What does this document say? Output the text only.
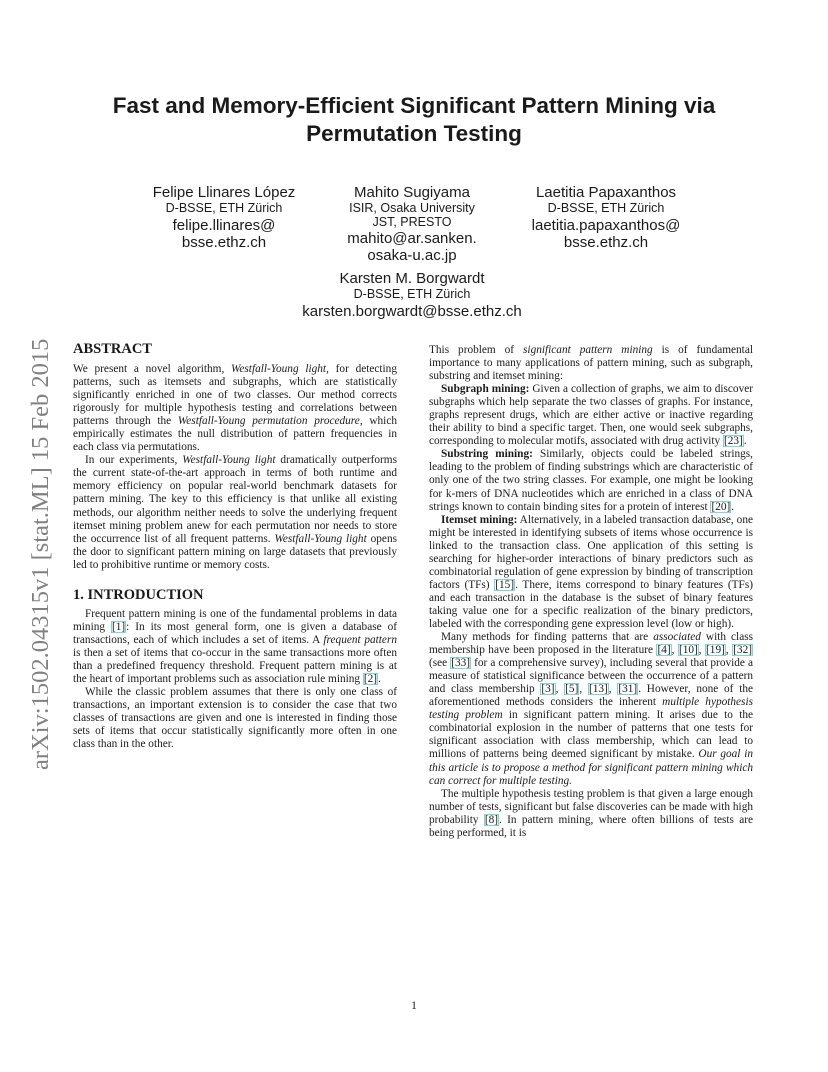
arXiv:1502.04315v1 [stat.ML] 15 Feb 2015
Fast and Memory-Efficient Significant Pattern Mining via
Permutation Testing
Felipe Llinares López
D-BSSE, ETH Zürich
felipe.llinares@
bsse.ethz.ch
Mahito Sugiyama
ISIR, Osaka University
JST, PRESTO
mahito@ar.sanken.
osaka-u.ac.jp
Laetitia Papaxanthos
D-BSSE, ETH Zürich
laetitia.papaxanthos@
bsse.ethz.ch
Karsten M. Borgwardt
D-BSSE, ETH Zürich
karsten.borgwardt@bsse.ethz.ch
ABSTRACT

We present a novel algorithm, Westfall-Young light, for detecting patterns, such as itemsets and subgraphs, which are statistically significantly enriched in one of two classes. Our method corrects rigorously for multiple hypothesis testing and correlations between patterns through the Westfall-Young permutation procedure, which empirically estimates the null distribution of pattern frequencies in each class via permutations.

In our experiments, Westfall-Young light dramatically outperforms the current state-of-the-art approach in terms of both runtime and memory efficiency on popular real-world benchmark datasets for pattern mining. The key to this efficiency is that unlike all existing methods, our algorithm neither needs to solve the underlying frequent itemset mining problem anew for each permutation nor needs to store the occurrence list of all frequent patterns. Westfall-Young light opens the door to significant pattern mining on large datasets that previously led to prohibitive runtime or memory costs.

1. INTRODUCTION

Frequent pattern mining is one of the fundamental problems in data mining [1]: In its most general form, one is given a database of transactions, each of which includes a set of items. A frequent pattern is then a set of items that co-occur in the same transactions more often than a predefined frequency threshold. Frequent pattern mining is at the heart of important problems such as association rule mining [2].

While the classic problem assumes that there is only one class of transactions, an important extension is to consider the case that two classes of transactions are given and one is interested in finding those sets of items that occur statistically significantly more often in one class than in the other.

This problem of significant pattern mining is of fundamental importance to many applications of pattern mining, such as subgraph, substring and itemset mining:

Subgraph mining: Given a collection of graphs, we aim to discover subgraphs which help separate the two classes of graphs. For instance, graphs represent drugs, which are either active or inactive regarding their ability to bind a specific target. Then, one would seek subgraphs, corresponding to molecular motifs, associated with drug activity [23].

Substring mining: Similarly, objects could be labeled strings, leading to the problem of finding substrings which are characteristic of only one of the two string classes. For example, one might be looking for k-mers of DNA nucleotides which are enriched in a class of DNA strings known to contain binding sites for a protein of interest [20].

Itemset mining: Alternatively, in a labeled transaction database, one might be interested in identifying subsets of items whose occurrence is linked to the transaction class. One application of this setting is searching for higher-order interactions of binary predictors such as combinatorial regulation of gene expression by binding of transcription factors (TFs) [15]. There, items correspond to binary features (TFs) and each transaction in the database is the subset of binary features taking value one for a specific realization of the binary predictors, labeled with the corresponding gene expression level (low or high).

Many methods for finding patterns that are associated with class membership have been proposed in the literature [4], [10], [19], [32] (see [33] for a comprehensive survey), including several that provide a measure of statistical significance between the occurrence of a pattern and class membership [3], [5], [13], [31]. However, none of the aforementioned methods considers the inherent multiple hypothesis testing problem in significant pattern mining. It arises due to the combinatorial explosion in the number of patterns that one tests for significant association with class membership, which can lead to millions of patterns being deemed significant by mistake. Our goal in this article is to propose a method for significant pattern mining which can correct for multiple testing.

The multiple hypothesis testing problem is that given a large enough number of tests, significant but false discoveries can be made with high probability [8]. In pattern mining, where often billions of tests are being performed, it is

1
